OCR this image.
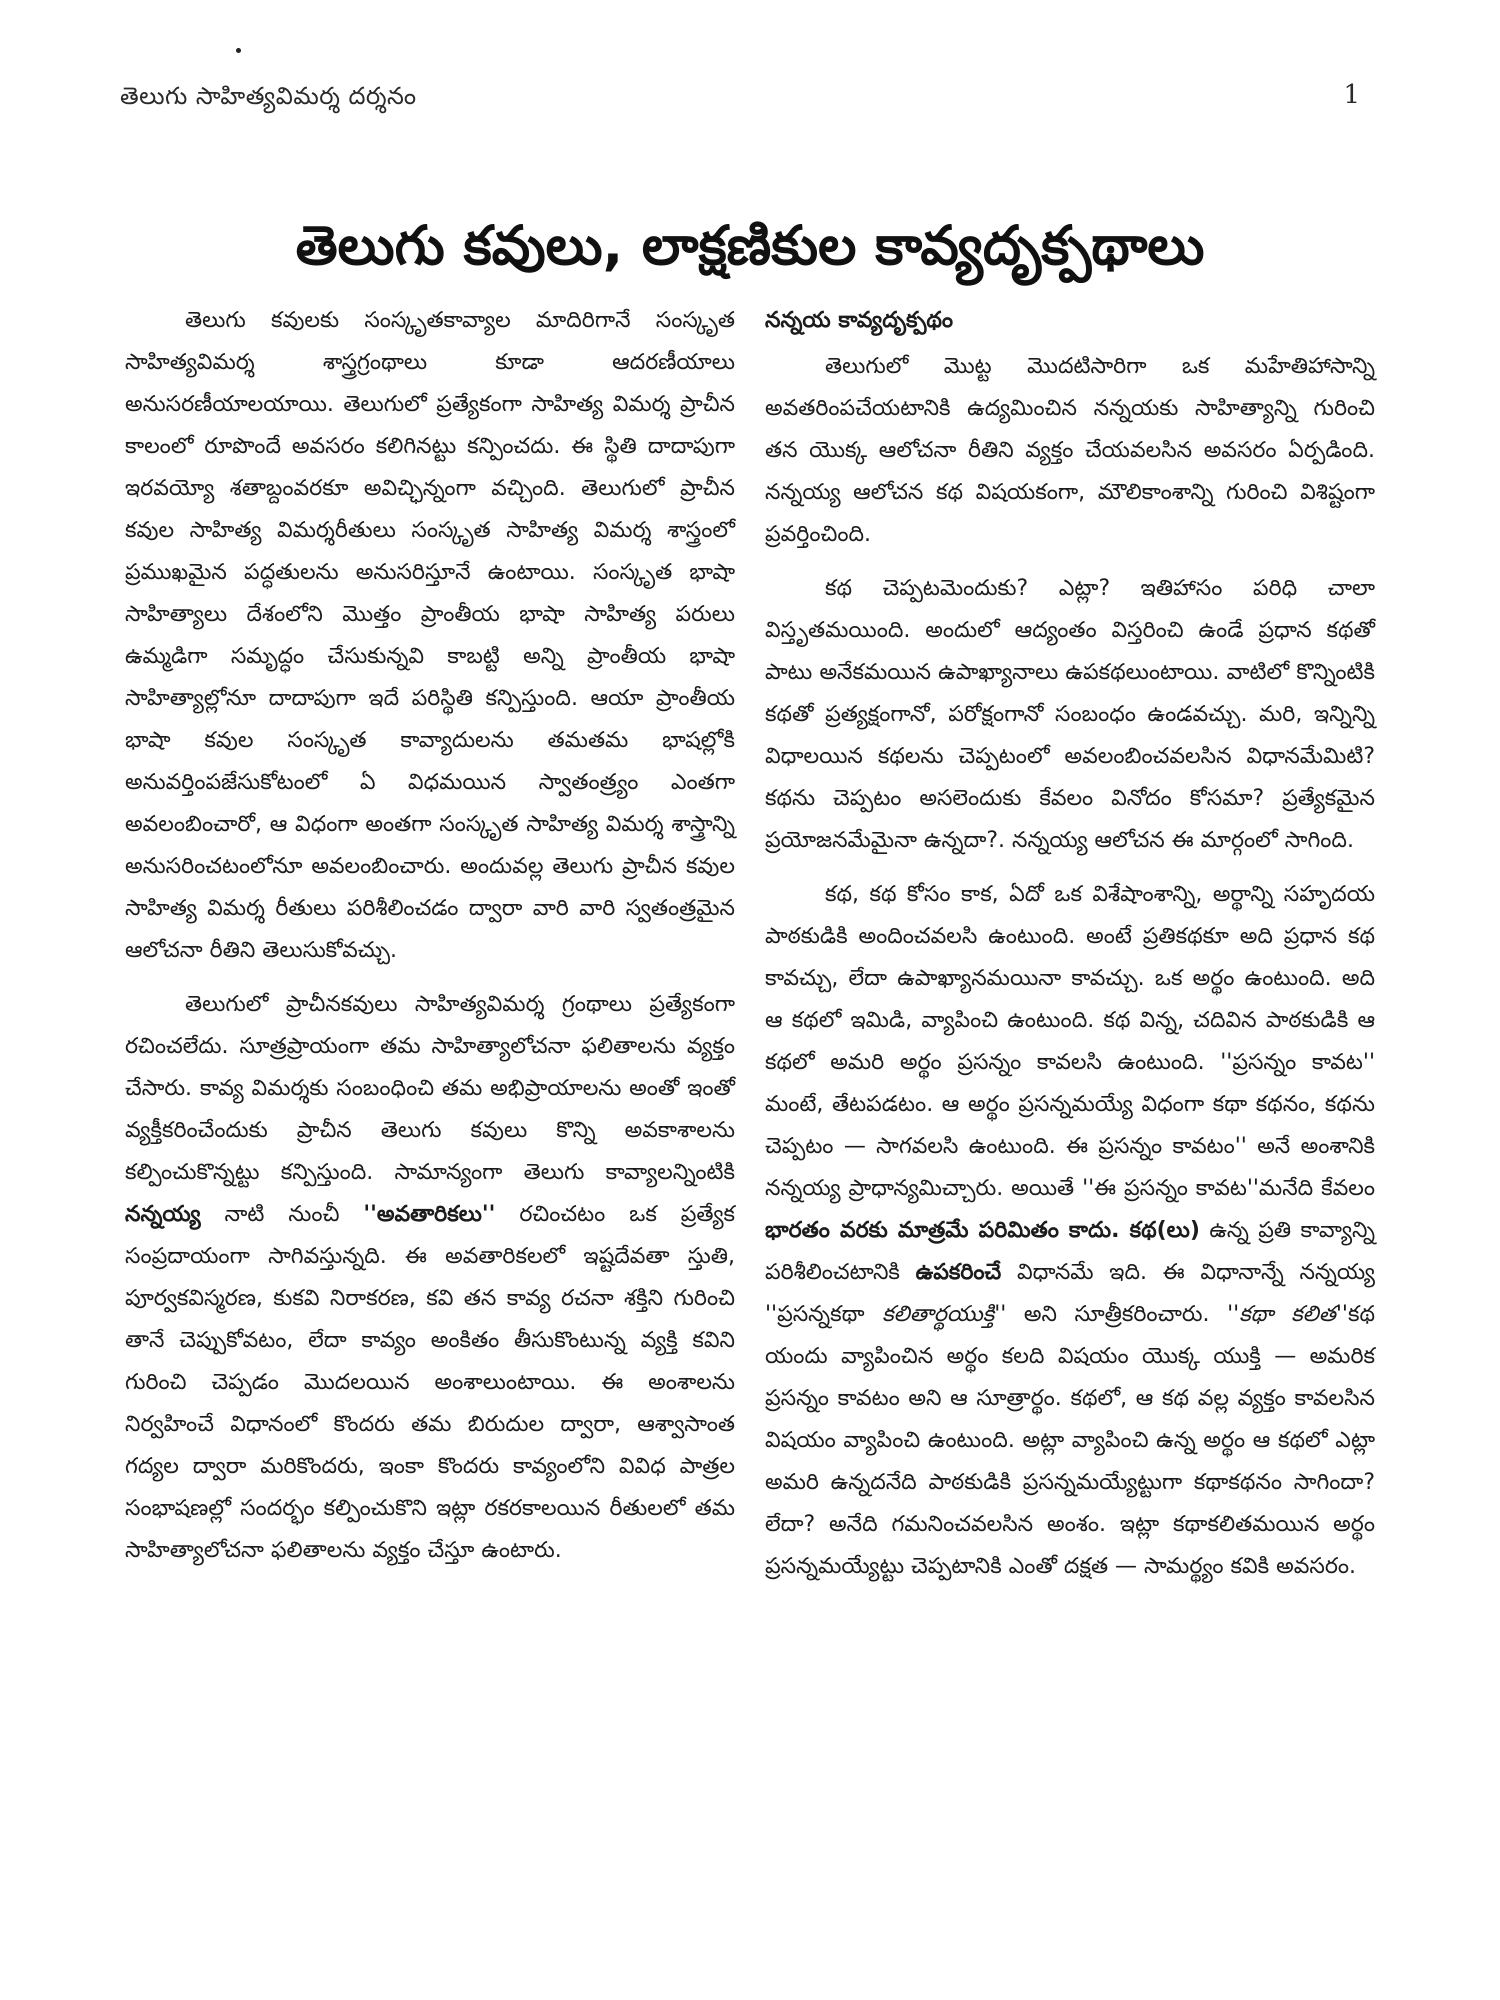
తెలుగు సాహిత్యవిమర్శ దర్శనం	1
తెలుగు కవులు, లాక్షణికుల కావ్యదృక్పథాలు

తెలుగు కవులకు సంస్కృతకావ్యాల మాదిరిగానే సంస్కృత సాహిత్యవిమర్శ శాస్త్రగ్రంథాలు కూడా ఆదరణీయాలు అనుసరణీయాలయాయి. తెలుగులో ప్రత్యేకంగా సాహిత్య విమర్శ ప్రాచీన కాలంలో రూపొందే అవసరం కలిగినట్టు కన్పించదు. ఈ స్థితి దాదాపుగా ఇరవయ్యో శతాబ్దంవరకూ అవిచ్ఛిన్నంగా వచ్చింది. తెలుగులో ప్రాచీన కవుల సాహిత్య విమర్శరీతులు సంస్కృత సాహిత్య విమర్శ శాస్త్రంలో ప్రముఖమైన పద్ధతులను అనుసరిస్తూనే ఉంటాయి. సంస్కృత భాషా సాహిత్యాలు దేశంలోని మొత్తం ప్రాంతీయ భాషా సాహిత్య పరులు ఉమ్మడిగా సమృద్ధం చేసుకున్నవి కాబట్టి అన్ని ప్రాంతీయ భాషా సాహిత్యాల్లోనూ దాదాపుగా ఇదే పరిస్థితి కన్పిస్తుంది. ఆయా ప్రాంతీయ భాషా కవుల సంస్కృత కావ్యాదులను తమతమ భాషల్లోకి అనువర్తింపజేసుకోటంలో ఏ విధమయిన స్వాతంత్ర్యం ఎంతగా అవలంబించారో, ఆ విధంగా అంతగా సంస్కృత సాహిత్య విమర్శ శాస్త్రాన్ని అనుసరించటంలోనూ అవలంబించారు. అందువల్ల తెలుగు ప్రాచీన కవుల సాహిత్య విమర్శ రీతులు పరిశీలించడం ద్వారా వారి వారి స్వతంత్రమైన ఆలోచనా రీతిని తెలుసుకోవచ్చు.

తెలుగులో ప్రాచీనకవులు సాహిత్యవిమర్శ గ్రంథాలు ప్రత్యేకంగా రచించలేదు. సూత్రప్రాయంగా తమ సాహిత్యాలోచనా ఫలితాలను వ్యక్తం చేసారు. కావ్య విమర్శకు సంబంధించి తమ అభిప్రాయాలను అంతో ఇంతో వ్యక్తీకరించేందుకు ప్రాచీన తెలుగు కవులు కొన్ని అవకాశాలను కల్పించుకొన్నట్టు కన్పిస్తుంది. సామాన్యంగా తెలుగు కావ్యాలన్నింటికి నన్నయ్య నాటి నుంచీ ''అవతారికలు'' రచించటం ఒక ప్రత్యేక సంప్రదాయంగా సాగివస్తున్నది. ఈ అవతారికలలో ఇష్టదేవతా స్తుతి, పూర్వకవిస్మరణ, కుకవి నిరాకరణ, కవి తన కావ్య రచనా శక్తిని గురించి తానే చెప్పుకోవటం, లేదా కావ్యం అంకితం తీసుకొంటున్న వ్యక్తి కవిని గురించి చెప్పడం మొదలయిన అంశాలుంటాయి. ఈ అంశాలను నిర్వహించే విధానంలో కొందరు తమ బిరుదుల ద్వారా, ఆశ్వాసాంత గద్యల ద్వారా మరికొందరు, ఇంకా కొందరు కావ్యంలోని వివిధ పాత్రల సంభాషణల్లో సందర్భం కల్పించుకొని ఇట్లా రకరకాలయిన రీతులలో తమ సాహిత్యాలోచనా ఫలితాలను వ్యక్తం చేస్తూ ఉంటారు.

నన్నయ కావ్యదృక్పథం

తెలుగులో మొట్ట మొదటిసారిగా ఒక మహేతిహాసాన్ని అవతరింపచేయటానికి ఉద్యమించిన నన్నయకు సాహిత్యాన్ని గురించి తన యొక్క ఆలోచనా రీతిని వ్యక్తం చేయవలసిన అవసరం ఏర్పడింది. నన్నయ్య ఆలోచన కథ విషయకంగా, మౌలికాంశాన్ని గురించి విశిష్టంగా ప్రవర్తించింది.

కథ చెప్పటమెందుకు? ఎట్లా? ఇతిహాసం పరిధి చాలా విస్తృతమయింది. అందులో ఆద్యంతం విస్తరించి ఉండే ప్రధాన కథతో పాటు అనేకమయిన ఉపాఖ్యానాలు ఉపకథలుంటాయి. వాటిలో కొన్నింటికి కథతో ప్రత్యక్షంగానో, పరోక్షంగానో సంబంధం ఉండవచ్చు. మరి, ఇన్నిన్ని విధాలయిన కథలను చెప్పటంలో అవలంబించవలసిన విధానమేమిటి? కథను చెప్పటం అసలెందుకు కేవలం వినోదం కోసమా? ప్రత్యేకమైన ప్రయోజనమేమైనా ఉన్నదా?. నన్నయ్య ఆలోచన ఈ మార్గంలో సాగింది.

కథ, కథ కోసం కాక, ఏదో ఒక విశేషాంశాన్ని, అర్థాన్ని సహృదయ పాఠకుడికి అందించవలసి ఉంటుంది. అంటే ప్రతికథకూ అది ప్రధాన కథ కావచ్చు, లేదా ఉపాఖ్యానమయినా కావచ్చు. ఒక అర్థం ఉంటుంది. అది ఆ కథలో ఇమిడి, వ్యాపించి ఉంటుంది. కథ విన్న, చదివిన పాఠకుడికి ఆ కథలో అమరి అర్థం ప్రసన్నం కావలసి ఉంటుంది. ''ప్రసన్నం కావట'' మంటే, తేటపడటం. ఆ అర్థం ప్రసన్నమయ్యే విధంగా కథా కథనం, కథను చెప్పటం — సాగవలసి ఉంటుంది. ఈ ప్రసన్నం కావటం'' అనే అంశానికి నన్నయ్య ప్రాధాన్యమిచ్చారు. అయితే ''ఈ ప్రసన్నం కావట''మనేది కేవలం భారతం వరకు మాత్రమే పరిమితం కాదు. కథ(లు) ఉన్న ప్రతి కావ్యాన్ని పరిశీలించటానికి ఉపకరించే విధానమే ఇది. ఈ విధానాన్నే నన్నయ్య ''ప్రసన్నకథా కలితార్థయుక్తి'' అని సూత్రీకరించారు. ''కథా కలిత''కథ యందు వ్యాపించిన అర్థం కలది విషయం యొక్క యుక్తి — అమరిక ప్రసన్నం కావటం అని ఆ సూత్రార్థం. కథలో, ఆ కథ వల్ల వ్యక్తం కావలసిన విషయం వ్యాపించి ఉంటుంది. అట్లా వ్యాపించి ఉన్న అర్థం ఆ కథలో ఎట్లా అమరి ఉన్నదనేది పాఠకుడికి ప్రసన్నమయ్యేట్టుగా కథాకథనం సాగిందా? లేదా? అనేది గమనించవలసిన అంశం. ఇట్లా కథాకలితమయిన అర్థం ప్రసన్నమయ్యేట్టు చెప్పటానికి ఎంతో దక్షత — సామర్థ్యం కవికి అవసరం.
